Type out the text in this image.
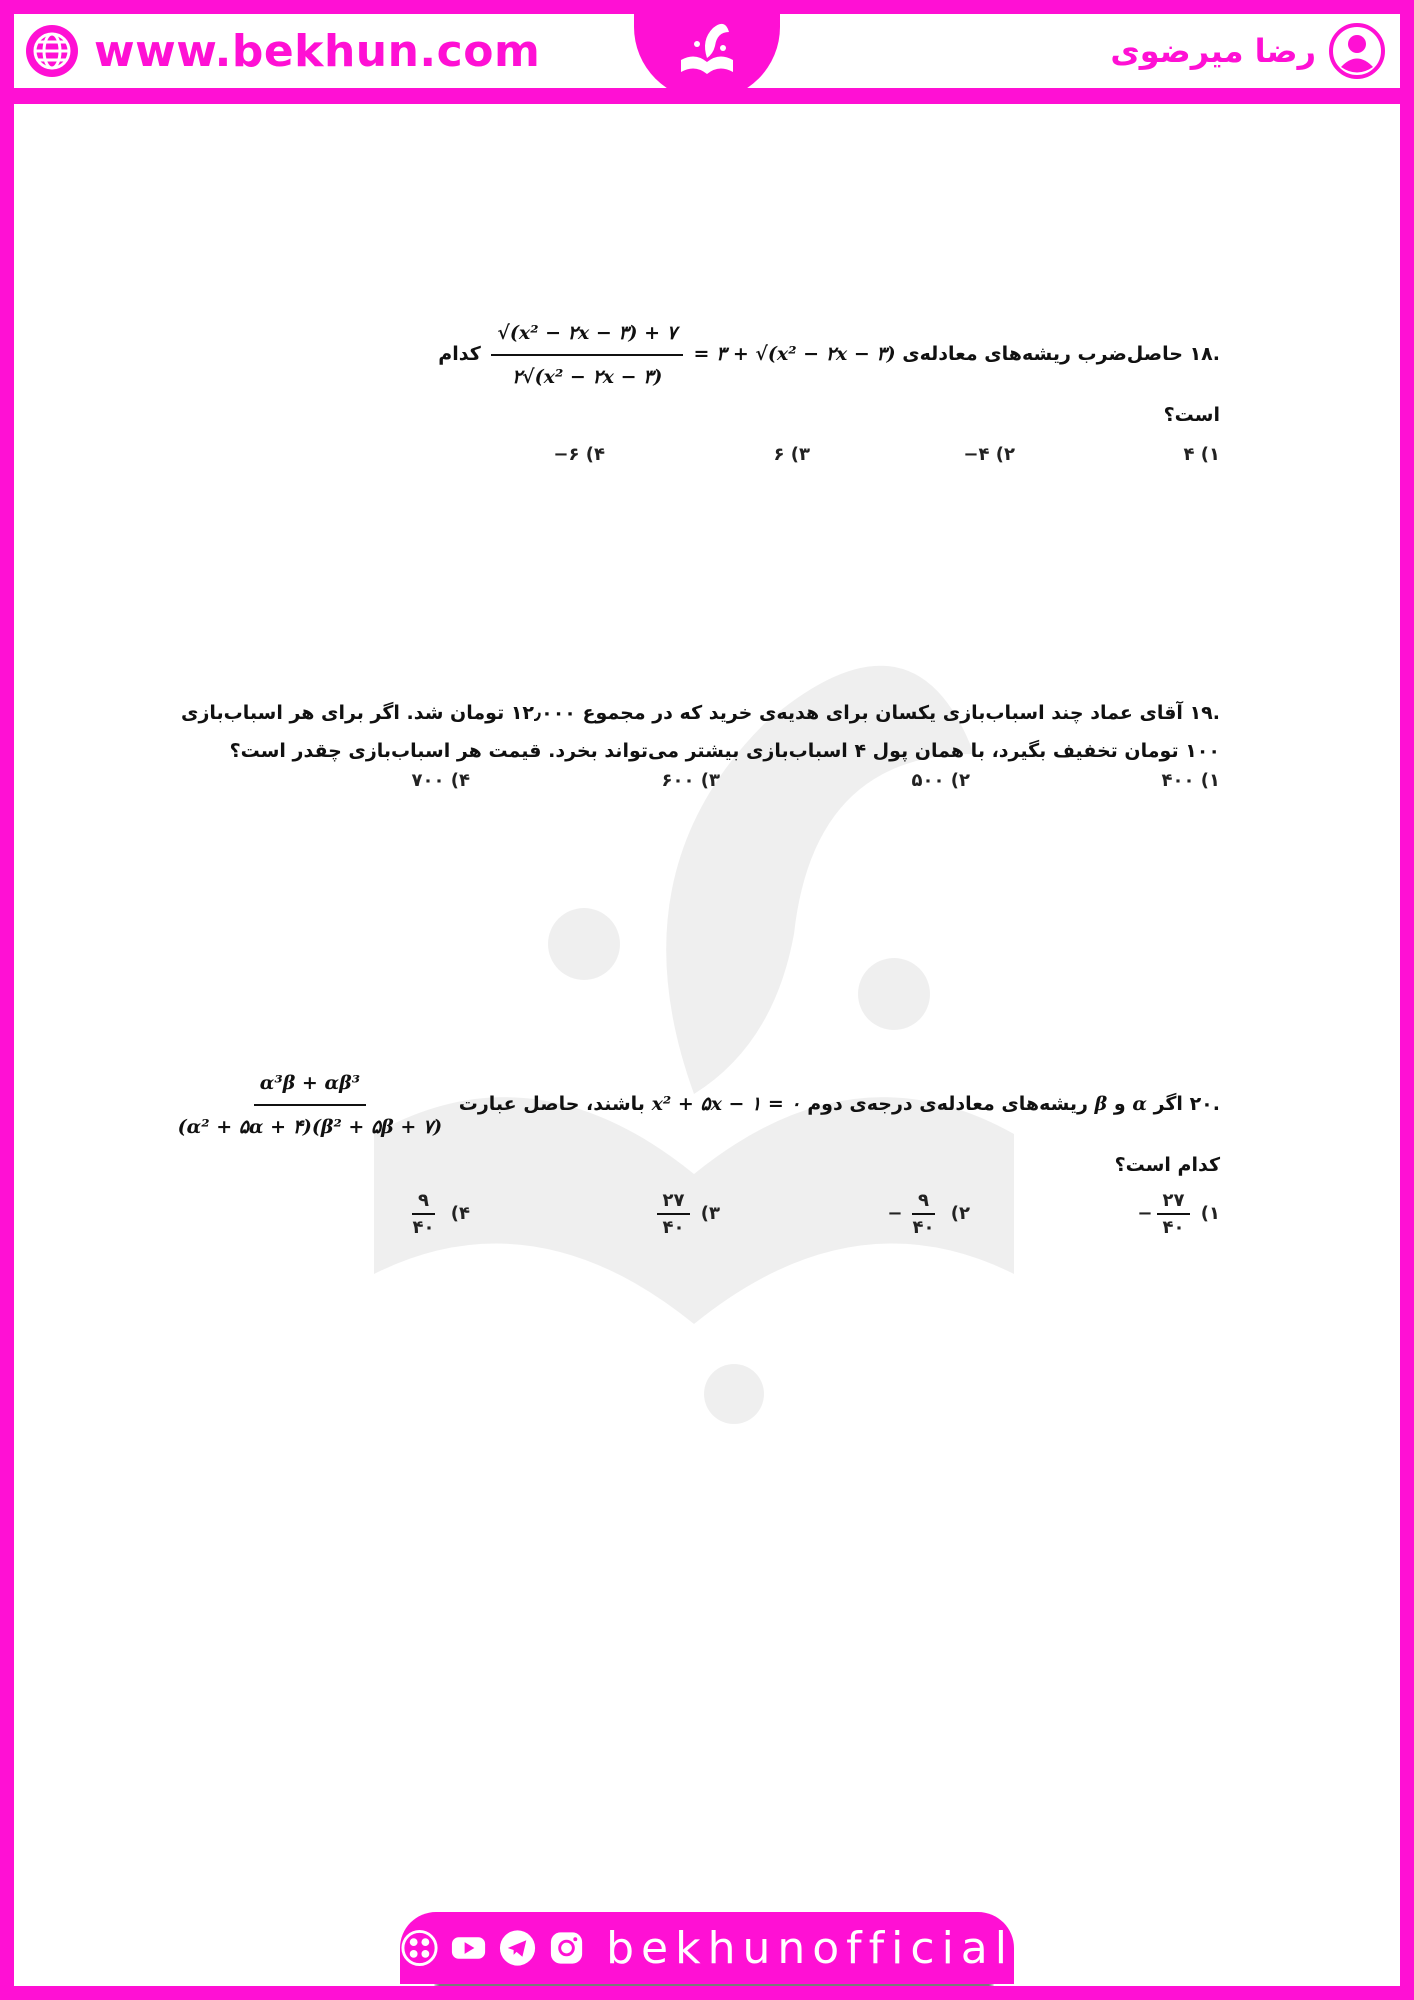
www.bekhun.com	رضا میرضوی
.۱۸ حاصل‌ضرب ریشه‌های معادله‌ی
$\frac{\text{√(x² − ۲x − ۳) + ۷}}{\text{۲√(x² − ۲x − ۳)}}$ = ۳ + √(x² − ۲x − ۳) کدام است؟
۱) ۴
۲) ۴−
۳) ۶
۴) ۶−
.۱۹ آقای عماد چند اسباب‌بازی یکسان برای هدیه‌ی خرید که در مجموع ۱۲٫۰۰۰ تومان شد. اگر برای هر اسباب‌بازی ۱۰۰ تومان تخفیف بگیرد، با همان پول ۴ اسباب‌بازی بیشتر می‌تواند بخرد. قیمت هر اسباب‌بازی چقدر است؟
۱) ۴۰۰
۲) ۵۰۰
۳) ۶۰۰
۴) ۷۰۰
.۲۰ اگر α و β ریشه‌های معادله‌ی درجه‌ی دوم x² + ۵x − ۱ = ۰ باشند، حاصل عبارت
$\frac{\text{α³β + αβ³}}{\text{(α² + ۵α + ۴)(β² + ۵β + ۷)}}$
کدام است؟
۱)
$\frac{۲۷}{۴۰}$
−
۲)
$\frac{۹}{۴۰}$
−
۳)
$\frac{۲۷}{۴۰}$
۴)
$\frac{۹}{۴۰}$
bekhunofficial
